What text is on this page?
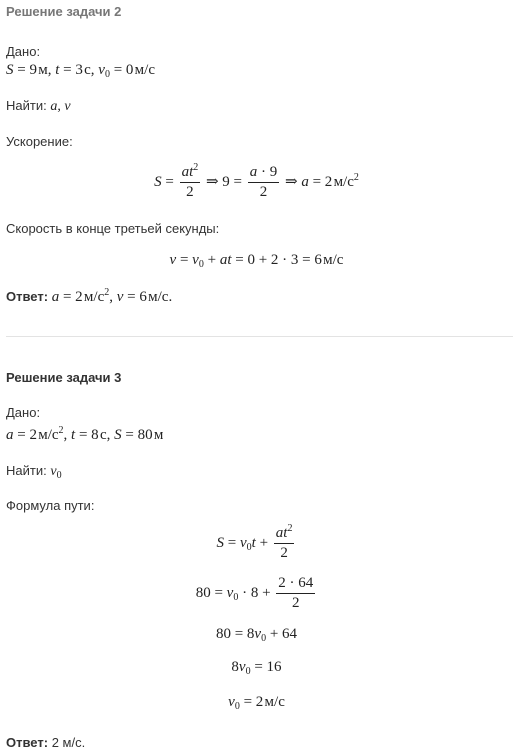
Решение задачи 2
Дано:
S = 9 м, t = 3 с, $v_0 = 0$ м/с
Найти: a, v
Ускорение:
$S = \frac{at^2}{2}$ ⇒ $9 = \frac{a \cdot 9}{2}$ ⇒ a = 2 $м/с^2$
Скорость в конце третьей секунды:
$v = v_0$ + at = 0 + 2 · 3 = 6 м/с
Ответ: a = 2 $м/с^2$, v = 6 м/с.
Решение задачи 3
Дано:
a = 2 $м/с^2$, t = 8 с, S = 80 м
Найти: $v_0$
Формула пути:
$S = v_0t + \frac{at^2}{2}$
$80 = v_0 \cdot 8 + \frac{2 \cdot 64}{2}$
$80 = 8v_0 + 64$
$8v_0 = 16$
$v_0 = 2$ м/с
Ответ: 2 м/с.
